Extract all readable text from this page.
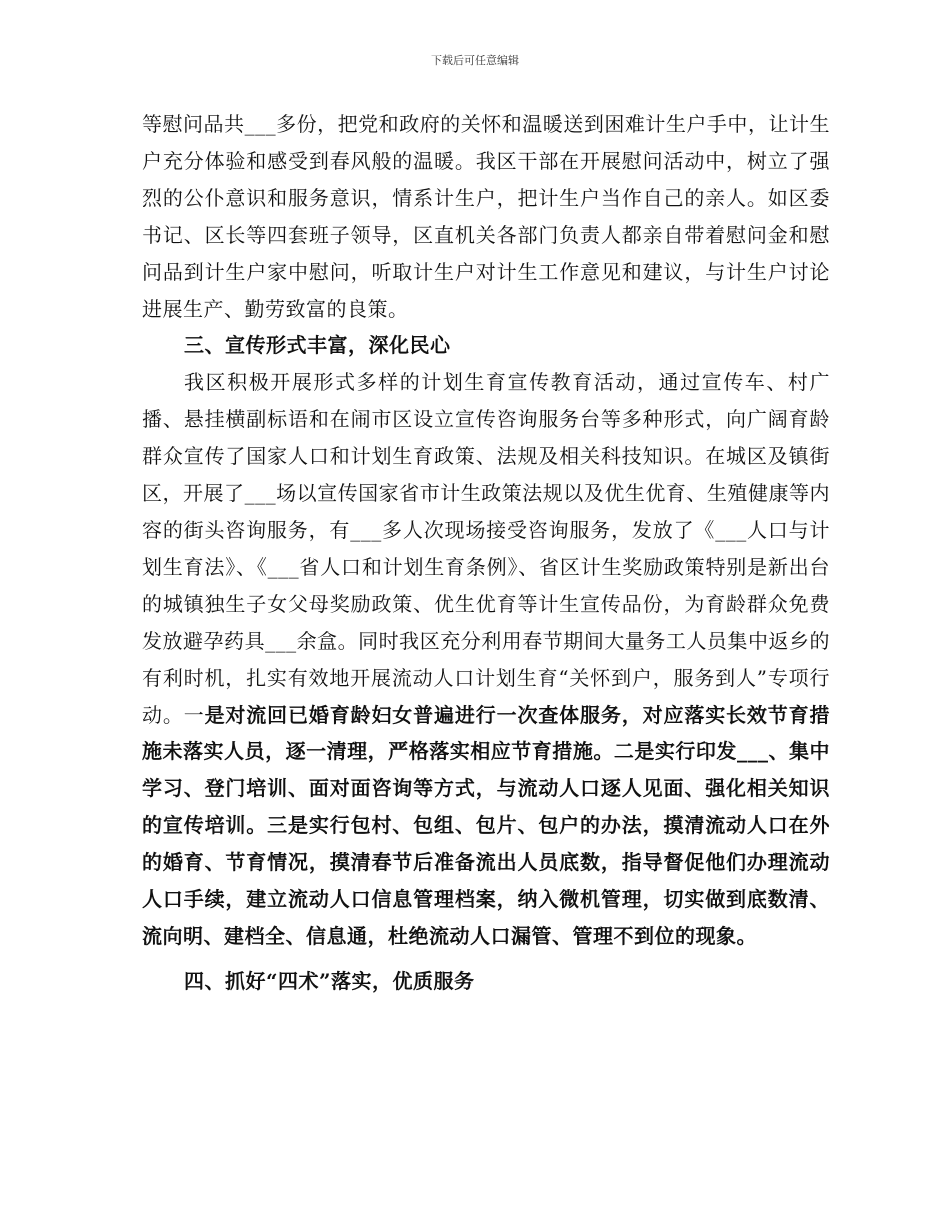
下载后可任意编辑

等慰问品共___多份，把党和政府的关怀和温暖送到困难计生户手中，让计生户充分体验和感受到春风般的温暖。我区干部在开展慰问活动中，树立了强烈的公仆意识和服务意识，情系计生户，把计生户当作自己的亲人。如区委书记、区长等四套班子领导，区直机关各部门负责人都亲自带着慰问金和慰问品到计生户家中慰问，听取计生户对计生工作意见和建议，与计生户讨论进展生产、勤劳致富的良策。

三、宣传形式丰富，深化民心

我区积极开展形式多样的计划生育宣传教育活动，通过宣传车、村广播、悬挂横副标语和在闹市区设立宣传咨询服务台等多种形式，向广阔育龄群众宣传了国家人口和计划生育政策、法规及相关科技知识。在城区及镇街区，开展了___场以宣传国家省市计生政策法规以及优生优育、生殖健康等内容的街头咨询服务，有___多人次现场接受咨询服务，发放了《___人口与计划生育法》、《___省人口和计划生育条例》、省区计生奖励政策特别是新出台的城镇独生子女父母奖励政策、优生优育等计生宣传品份，为育龄群众免费发放避孕药具___余盒。同时我区充分利用春节期间大量务工人员集中返乡的有利时机，扎实有效地开展流动人口计划生育“关怀到户，服务到人”专项行动。一是对流回已婚育龄妇女普遍进行一次查体服务，对应落实长效节育措施未落实人员，逐一清理，严格落实相应节育措施。二是实行印发___、集中学习、登门培训、面对面咨询等方式，与流动人口逐人见面、强化相关知识的宣传培训。三是实行包村、包组、包片、包户的办法，摸清流动人口在外的婚育、节育情况，摸清春节后准备流出人员底数，指导督促他们办理流动人口手续，建立流动人口信息管理档案，纳入微机管理，切实做到底数清、流向明、建档全、信息通，杜绝流动人口漏管、管理不到位的现象。

四、抓好“四术”落实，优质服务
